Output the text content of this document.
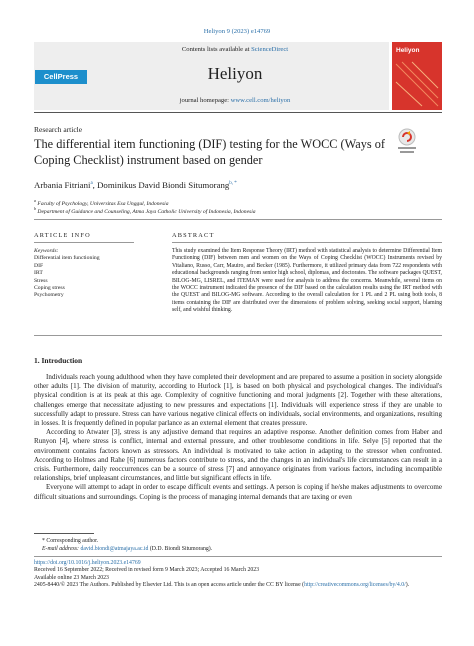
Heliyon 9 (2023) e14769
CellPress
Contents lists available at ScienceDirect
Heliyon
journal homepage: www.cell.com/heliyon
Heliyon
Research article
The differential item functioning (DIF) testing for the WOCC (Ways of Coping Checklist) instrument based on gender
Arbania Fitriani$^a$, Dominikus David Biondi Situmorang$^{b, *}$
$^a$ Faculty of Psychology, Universitas Esa Unggul, Indonesia
$^b$ Department of Guidance and Counseling, Atma Jaya Catholic University of Indonesia, Indonesia
ARTICLE INFO	ABSTRACT
Keywords:
Differential item functioning
DIF
IRT
Stress
Coping stress
Psychometry
This study examined the Item Response Theory (IRT) method with statistical analysis to determine Differential Item Functioning (DIF) between men and women on the Ways of Coping Checklist (WOCC) Instruments revised by Vitaliano, Russo, Carr, Mauiro, and Becker (1985). Furthermore, it utilized primary data from 722 respondents with educational backgrounds ranging from senior high school, diplomas, and doctorates. The software packages QUEST, BILOG-MG, LISREL, and ITEMAN were used for analysis to address the concerns. Meanwhile, several items on the WOCC instrument indicated the presence of the DIF based on the calculation results using the IRT method with the QUEST and BILOG-MG software. According to the overall calculation for 1 PL and 2 PL using both tools, 8 items containing the DIF are distributed over the dimensions of problem solving, seeking social support, blaming self, and wishful thinking.
1. Introduction

Individuals reach young adulthood when they have completed their development and are prepared to assume a position in society alongside other adults [1]. The division of maturity, according to Hurlock [1], is based on both physical and psychological changes. The individual's physical condition is at its peak at this age. Complexity of cognitive functioning and moral judgments [2]. Together with these alterations, challenges emerge that necessitate adjusting to new pressures and expectations [1]. Individuals will experience stress if they are unable to successfully adapt to pressure. Stress can have various negative clinical effects on individuals, social environments, and organizations, resulting in losses. It is frequently defined in popular parlance as an external element that creates pressure.

According to Atwater [3], stress is any adjustive demand that requires an adaptive response. Another definition comes from Haber and Runyon [4], where stress is conflict, internal and external pressure, and other troublesome conditions in life. Selye [5] reported that the environment contains factors known as stressors. An individual is motivated to take action in adapting to the stressor when confronted. According to Holmes and Rahe [6] numerous factors contribute to stress, and the changes in an individual's life circumstances can result in a crisis. Furthermore, daily reoccurrences can be a source of stress [7] and annoyance originates from various factors, including incompatible relationships, brief unpleasant circumstances, and little but significant effects in life.

Everyone will attempt to adapt in order to escape difficult events and settings. A person is coping if he/she makes adjustments to overcome difficult situations and surroundings. Coping is the process of managing internal demands that are taxing or even

* Corresponding author.
E-mail address: david.biondi@atmajaya.ac.id (D.D. Biondi Situmorang).
https://doi.org/10.1016/j.heliyon.2023.e14769
Received 16 September 2022; Received in revised form 9 March 2023; Accepted 16 March 2023
Available online 23 March 2023
2405-8440/© 2023 The Authors. Published by Elsevier Ltd. This is an open access article under the CC BY license (http://creativecommons.org/licenses/by/4.0/).
